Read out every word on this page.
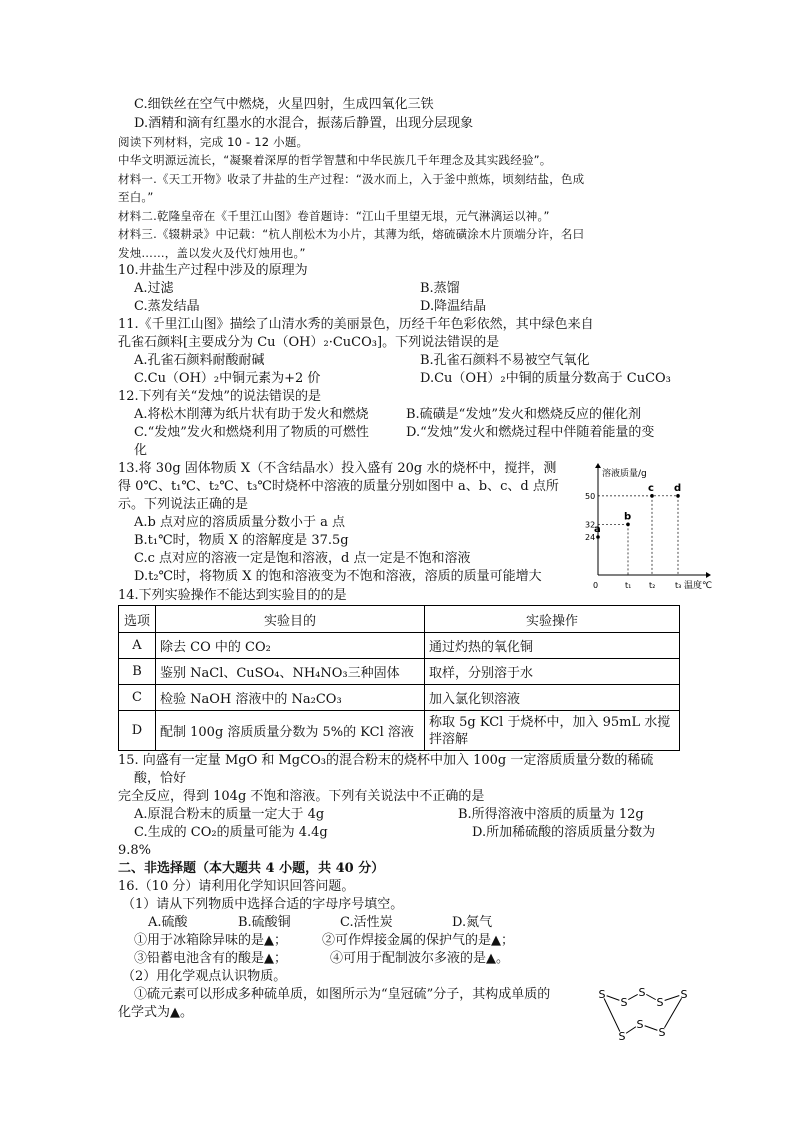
C.细铁丝在空气中燃烧，火星四射，生成四氧化三铁
D.酒精和滴有红墨水的水混合，振荡后静置，出现分层现象
阅读下列材料，完成 10 - 12 小题。
中华文明源远流长，“凝聚着深厚的哲学智慧和中华民族几千年理念及其实践经验”。
材料一.《天工开物》收录了井盐的生产过程：“汲水而上，入于釜中煎炼，顷刻结盐，色成
至白。”
材料二.乾隆皇帝在《千里江山图》卷首题诗：“江山千里望无垠，元气淋漓运以神。”
材料三.《辍耕录》中记载：“杭人削松木为小片，其薄为纸，熔硫磺涂木片顶端分许，名曰
发烛……，盖以发火及代灯烛用也。”
10.井盐生产过程中涉及的原理为
A.过滤	B.蒸馏
C.蒸发结晶	D.降温结晶
11.《千里江山图》描绘了山清水秀的美丽景色，历经千年色彩依然，其中绿色来自
孔雀石颜料[主要成分为 Cu（OH）₂·CuCO₃]。下列说法错误的是
A.孔雀石颜料耐酸耐碱	B.孔雀石颜料不易被空气氧化
C.Cu（OH）₂中铜元素为+2 价	D.Cu（OH）₂中铜的质量分数高于 CuCO₃
12.下列有关“发烛”的说法错误的是
A.将松木削薄为纸片状有助于发火和燃烧	B.硫磺是“发烛”发火和燃烧反应的催化剂
C.“发烛”发火和燃烧利用了物质的可燃性	D.“发烛”发火和燃烧过程中伴随着能量的变
化
13.将 30g 固体物质 X（不含结晶水）投入盛有 20g 水的烧杯中，搅拌，测
得 0℃、t₁℃、t₂℃、t₃℃时烧杯中溶液的质量分别如图中 a、b、c、d 点所
示。下列说法正确的是
A.b 点对应的溶质质量分数小于 a 点
B.t₁℃时，物质 X 的溶解度是 37.5g
C.c 点对应的溶液一定是饱和溶液，d 点一定是不饱和溶液
D.t₂℃时，将物质 X 的饱和溶液变为不饱和溶液，溶质的质量可能增大
溶液质量/g
温度℃
0	t₁ t₂ t₃
24
32
50
a
b
c d
14.下列实验操作不能达到实验目的的是
选项	实验目的	实验操作
A	除去 CO 中的 CO₂	通过灼热的氧化铜
B	鉴别 NaCl、CuSO₄、NH₄NO₃三种固体	取样，分别溶于水
C	检验 NaOH 溶液中的 Na₂CO₃	加入氯化钡溶液
D	配制 100g 溶质质量分数为 5%的 KCl 溶液	称取 5g KCl 于烧杯中，加入 95mL 水搅
拌溶解
15. 向盛有一定量 MgO 和 MgCO₃的混合粉末的烧杯中加入 100g 一定溶质质量分数的稀硫
酸，恰好
完全反应，得到 104g 不饱和溶液。下列有关说法中不正确的是
A.原混合粉末的质量一定大于 4g	B.所得溶液中溶质的质量为 12g
C.生成的 CO₂的质量可能为 4.4g	D.所加稀硫酸的溶质质量分数为
9.8%
二、非选择题（本大题共 4 小题，共 40 分）
16.（10 分）请利用化学知识回答问题。
（1）请从下列物质中选择合适的字母序号填空。
A.硫酸	B.硫酸铜	C.活性炭	D.氮气
①用于冰箱除异味的是▲；	②可作焊接金属的保护气的是▲；
③铅蓄电池含有的酸是▲；	④可用于配制波尔多液的是▲。
（2）用化学观点认识物质。
①硫元素可以形成多种硫单质，如图所示为“皇冠硫”分子，其构成单质的
化学式为▲。
S
S
S
S
S
S
S
S
